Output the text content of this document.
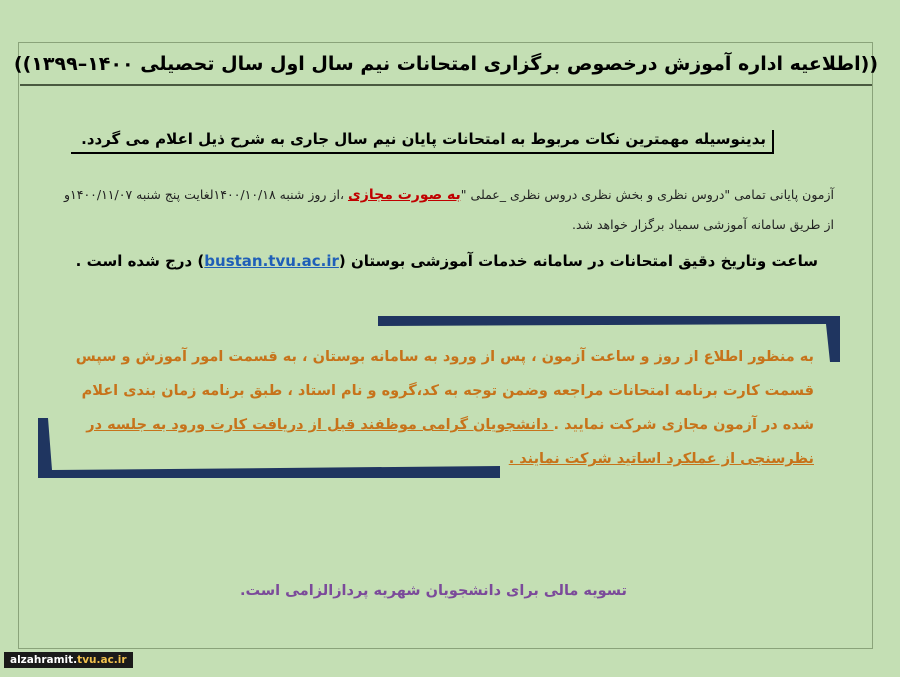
((اطلاعیه اداره آموزش درخصوص برگزاری امتحانات نیم سال اول سال تحصیلی ۱۴۰۰–۱۳۹۹))
بدینوسیله مهمترین نکات مربوط به امتحانات پایان نیم سال جاری به شرح ذیل اعلام می گردد.
آزمون پایانی تمامی "دروس نظری و بخش نظری دروس نظری _عملی "به صورت مجازی ،از روز شنبه ۱۴۰۰/۱۰/۱۸لغایت پنج شنبه ۱۴۰۰/۱۱/۰۷و از طریق سامانه آموزشی سمیاد برگزار خواهد شد.
ساعت وتاریخ دقیق امتحانات در سامانه خدمات آموزشی بوستان (bustan.tvu.ac.ir) درج شده است .
به منظور اطلاع از روز و ساعت آزمون ، پس از ورود به سامانه بوستان ، به قسمت امور آموزش و سپس قسمت کارت برنامه امتحانات مراجعه وضمن توجه به کد،گروه و نام استاد ، طبق برنامه زمان بندی اعلام شده در آزمون مجازی شرکت نمایید . دانشجویان گرامی موظفند قبل از دریافت کارت ورود به جلسه در نظرسنجی از عملکرد اساتید شرکت نمایند .
تسویه مالی برای دانشجویان شهریه پردازالزامی است.
alzahramit.tvu.ac.ir
